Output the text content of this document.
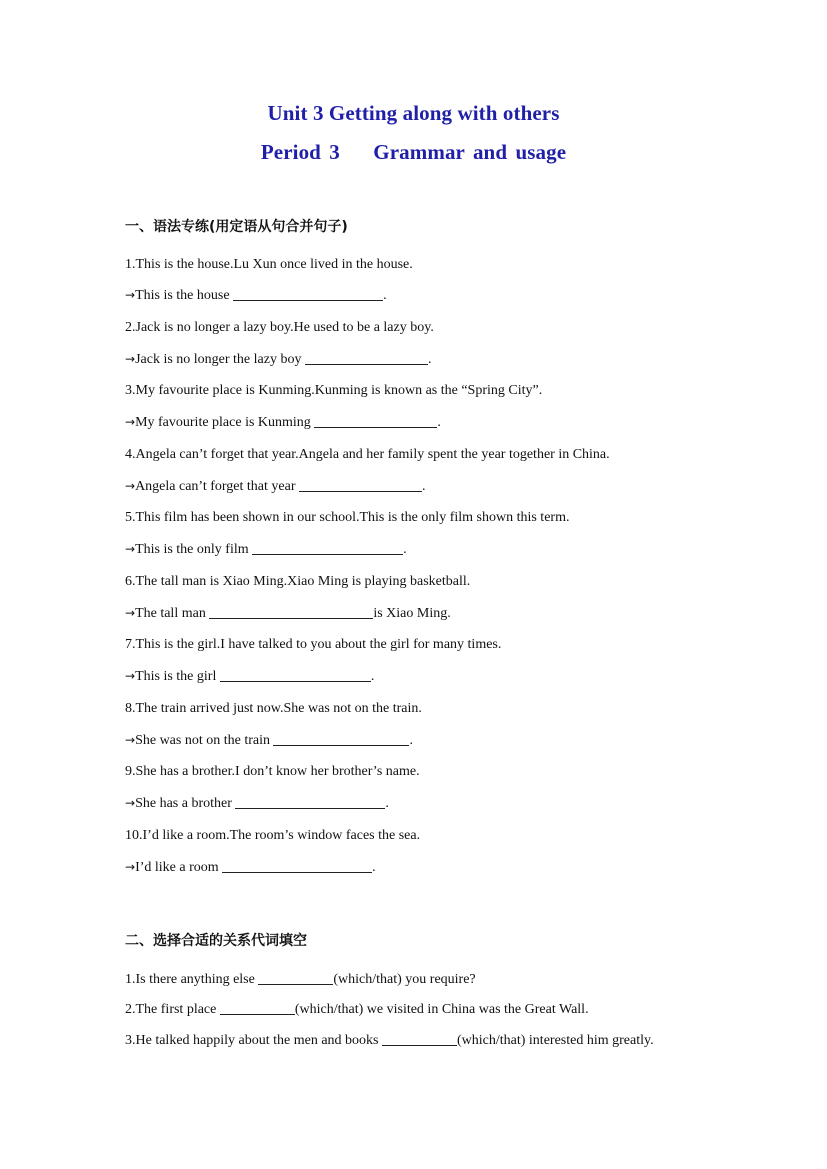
Unit 3 Getting along with others
Period 3    Grammar and usage
一、语法专练(用定语从句合并句子)
1.This is the house.Lu Xun once lived in the house.
→This is the house	.
2.Jack is no longer a lazy boy.He used to be a lazy boy.
→Jack is no longer the lazy boy	.
3.My favourite place is Kunming.Kunming is known as the “Spring City”.
→My favourite place is Kunming	.
4.Angela can’t forget that year.Angela and her family spent the year together in China.
→Angela can’t forget that year	.
5.This film has been shown in our school.This is the only film shown this term.
→This is the only film	.
6.The tall man is Xiao Ming.Xiao Ming is playing basketball.
→The tall man	is Xiao Ming.
7.This is the girl.I have talked to you about the girl for many times.
→This is the girl	.
8.The train arrived just now.She was not on the train.
→She was not on the train	.
9.She has a brother.I don’t know her brother’s name.
→She has a brother	.
10.I’d like a room.The room’s window faces the sea.
→I’d like a room	.
二、选择合适的关系代词填空
1.Is there anything else	(which/that) you require?
2.The first place	(which/that) we visited in China was the Great Wall.
3.He talked happily about the men and books	(which/that) interested him greatly.
